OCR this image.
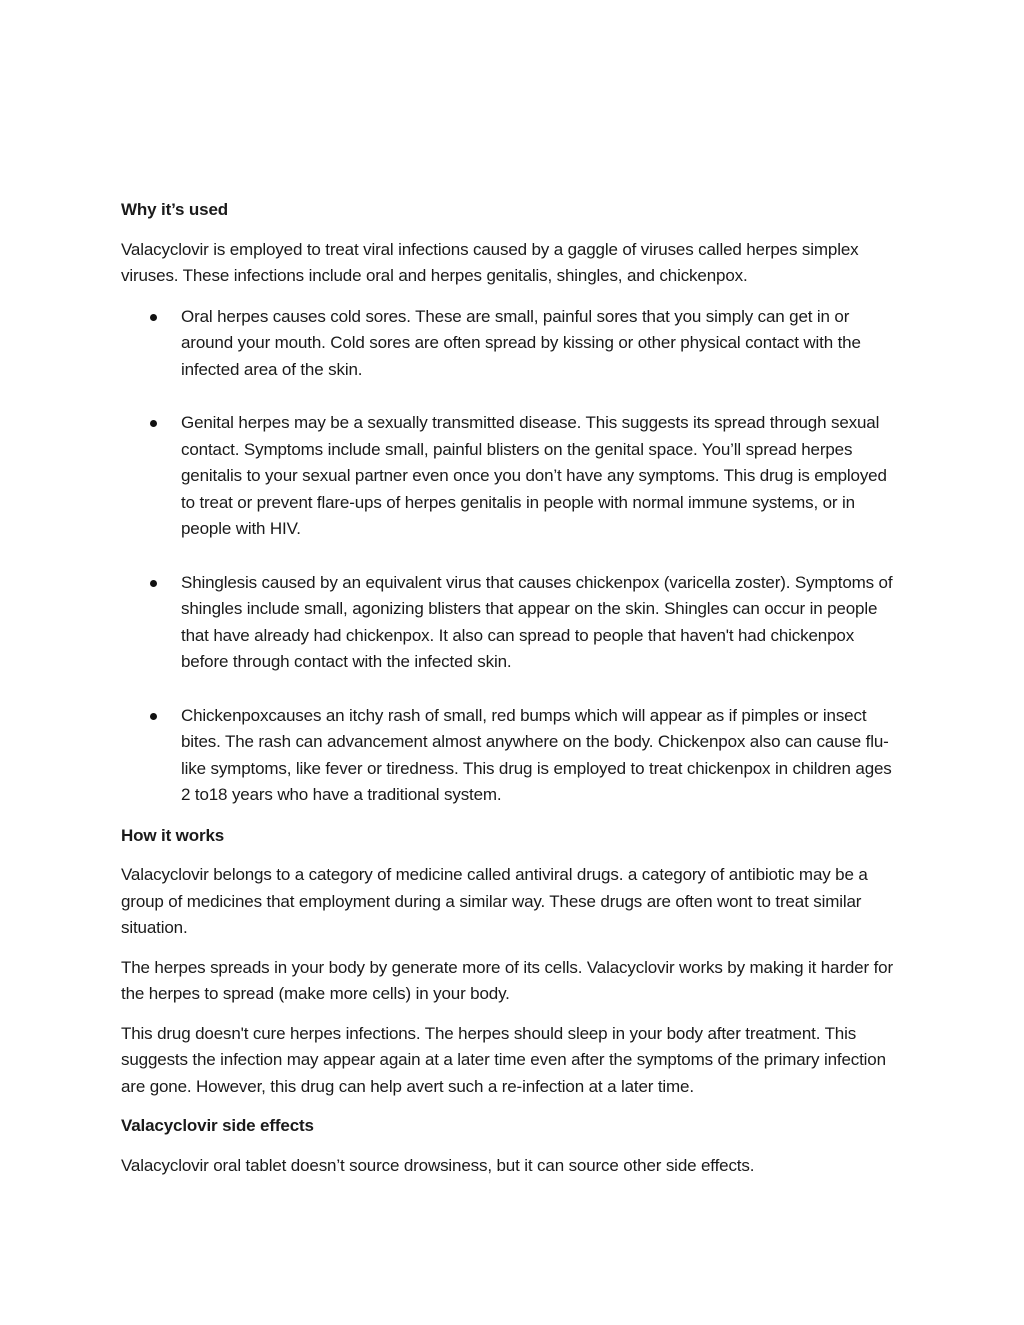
Why it’s used

Valacyclovir is employed to treat viral infections caused by a gaggle of viruses called herpes simplex viruses. These infections include oral and herpes genitalis, shingles, and chickenpox.

Oral herpes causes cold sores. These are small, painful sores that you simply can get in or around your mouth. Cold sores are often spread by kissing or other physical contact with the infected area of the skin.
Genital herpes may be a sexually transmitted disease. This suggests its spread through sexual contact. Symptoms include small, painful blisters on the genital space. You’ll spread herpes genitalis to your sexual partner even once you don’t have any symptoms. This drug is employed to treat or prevent flare-ups of herpes genitalis in people with normal immune systems, or in people with HIV.
Shinglesis caused by an equivalent virus that causes chickenpox (varicella zoster). Symptoms of shingles include small, agonizing blisters that appear on the skin. Shingles can occur in people that have already had chickenpox. It also can spread to people that haven't had chickenpox before through contact with the infected skin.
Chickenpoxcauses an itchy rash of small, red bumps which will appear as if pimples or insect bites. The rash can advancement almost anywhere on the body. Chickenpox also can cause flu-like symptoms, like fever or tiredness. This drug is employed to treat chickenpox in children ages 2 to18 years who have a traditional system.

How it works

Valacyclovir belongs to a category of medicine called antiviral drugs. a category of antibiotic may be a group of medicines that employment during a similar way. These drugs are often wont to treat similar situation.

The herpes spreads in your body by generate more of its cells. Valacyclovir works by making it harder for the herpes to spread (make more cells) in your body.

This drug doesn't cure herpes infections. The herpes should sleep in your body after treatment. This suggests the infection may appear again at a later time even after the symptoms of the primary infection are gone. However, this drug can help avert such a re-infection at a later time.

Valacyclovir side effects

Valacyclovir oral tablet doesn’t source drowsiness, but it can source other side effects.
